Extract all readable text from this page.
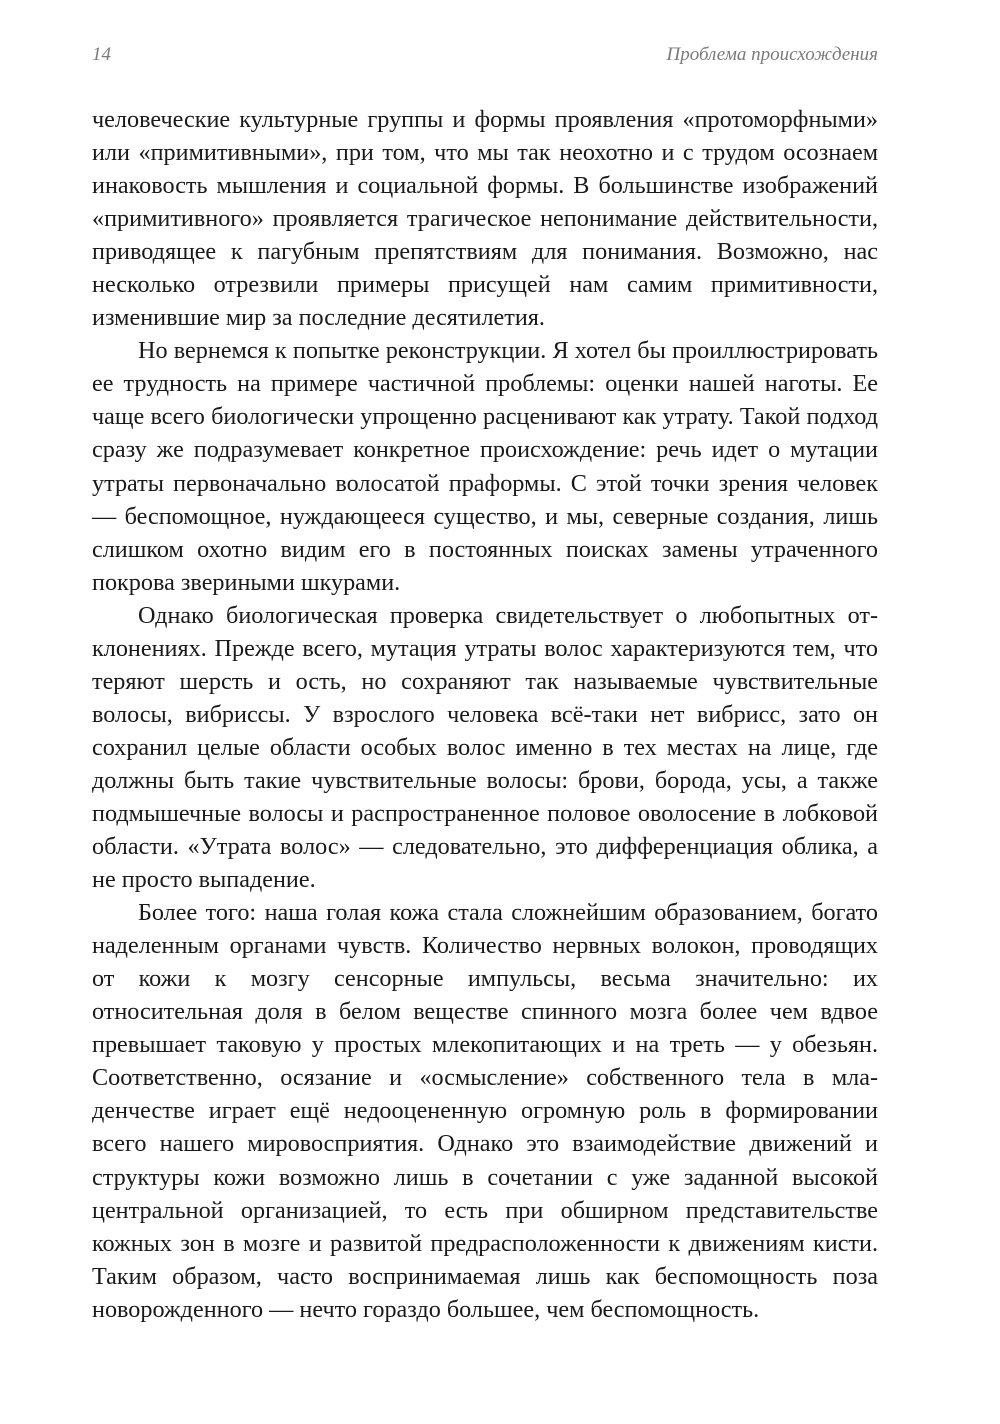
14	Проблема происхождения

человеческие культурные группы и формы проявления «протоморфными» или «примитивными», при том, что мы так неохотно и с трудом осознаем инаковость мышления и социальной формы. В большинстве изображений «примитивного» проявляется трагическое непонимание действительности, приводящее к пагубным препятствиям для понимания. Возможно, нас несколько отрезвили примеры присущей нам самим примитивности, изменившие мир за последние десятилетия.

Но вернемся к попытке реконструкции. Я хотел бы проиллюстрировать ее трудность на примере частичной проблемы: оценки нашей наготы. Ее чаще всего биологически упрощенно расценивают как утрату. Такой подход сразу же подразумевает конкретное происхождение: речь идет о мутации утраты первоначально волосатой праформы. С этой точки зрения человек — беспомощное, нуждающееся существо, и мы, северные создания, лишь слишком охотно видим его в постоянных поисках замены утраченного покрова звериными шкурами.

Однако биологическая проверка свидетельствует о любопытных отклонениях. Прежде всего, мутация утраты волос характеризуются тем, что теряют шерсть и ость, но сохраняют так называемые чувствительные волосы, вибриссы. У взрослого человека всё-таки нет вибрисс, зато он сохранил целые области особых волос именно в тех местах на лице, где должны быть такие чувствительные волосы: брови, борода, усы, а также подмышечные волосы и распространенное половое оволосение в лобковой области. «Утрата волос» — следовательно, это дифференциация облика, а не просто выпадение.

Более того: наша голая кожа стала сложнейшим образованием, богато наделенным органами чувств. Количество нервных волокон, проводящих от кожи к мозгу сенсорные импульсы, весьма значительно: их относительная доля в белом веществе спинного мозга более чем вдвое превышает таковую у простых млекопитающих и на треть — у обезьян. Соответственно, осязание и «осмысление» собственного тела в младенчестве играет ещё недооцененную огромную роль в формировании всего нашего мировосприятия. Однако это взаимодействие движений и структуры кожи возможно лишь в сочетании с уже заданной высокой центральной организацией, то есть при обширном представительстве кожных зон в мозге и развитой предрасположенности к движениям кисти. Таким образом, часто воспринимаемая лишь как беспомощность поза новорожденного — нечто гораздо большее, чем беспомощность.
